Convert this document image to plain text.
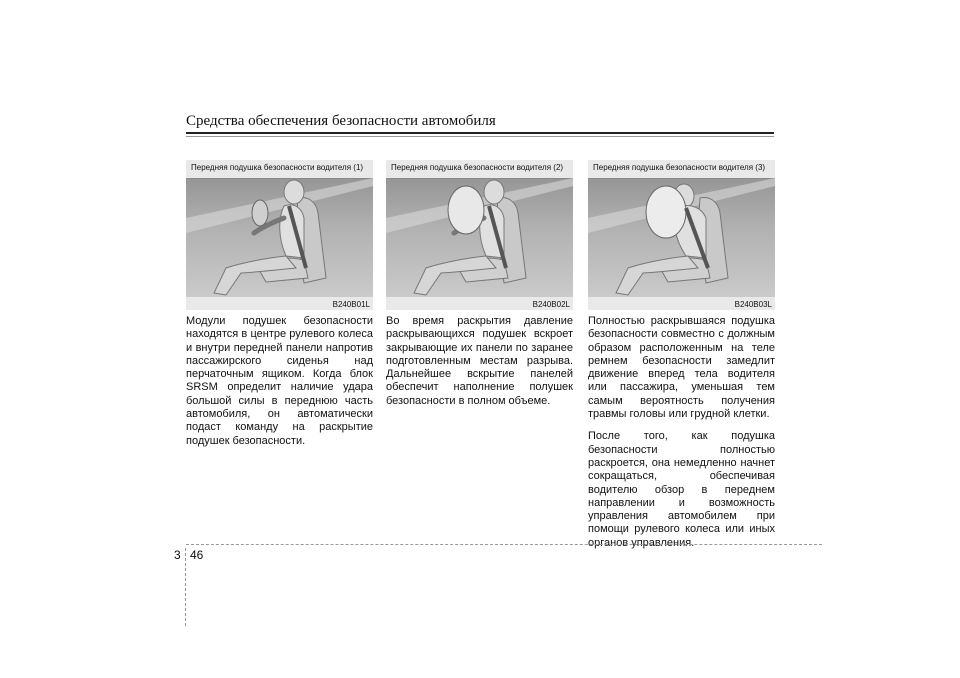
Средства обеспечения безопасности автомобиля
Передняя подушка безопасности водителя (1)
B240B01L
Передняя подушка безопасности водителя (2)
B240B02L
Передняя подушка безопасности водителя (3)
B240B03L

Модули подушек безопасности находятся в центре рулевого колеса и внутри передней панели напротив пассажирского сиденья над перчаточным ящиком. Когда блок SRSM определит наличие удара большой силы в переднюю часть автомобиля, он автоматически подаст команду на раскрытие подушек безопасности.

Во время раскрытия давление раскрывающихся подушек вскроет закрывающие их панели по заранее подготовленным местам разрыва. Дальнейшее вскрытие панелей обеспечит наполнение полушек безопасности в полном объеме.

Полностью раскрывшаяся подушка безопасности совместно с должным образом расположенным на теле ремнем безопасности замедлит движение вперед тела водителя или пассажира, уменьшая тем самым вероятность получения травмы головы или грудной клетки.

После того, как подушка безопасности полностью раскроется, она немедленно начнет сокращаться, обеспечивая водителю обзор в переднем направлении и возможность управления автомобилем при помощи рулевого колеса или иных органов управления.

3 46
